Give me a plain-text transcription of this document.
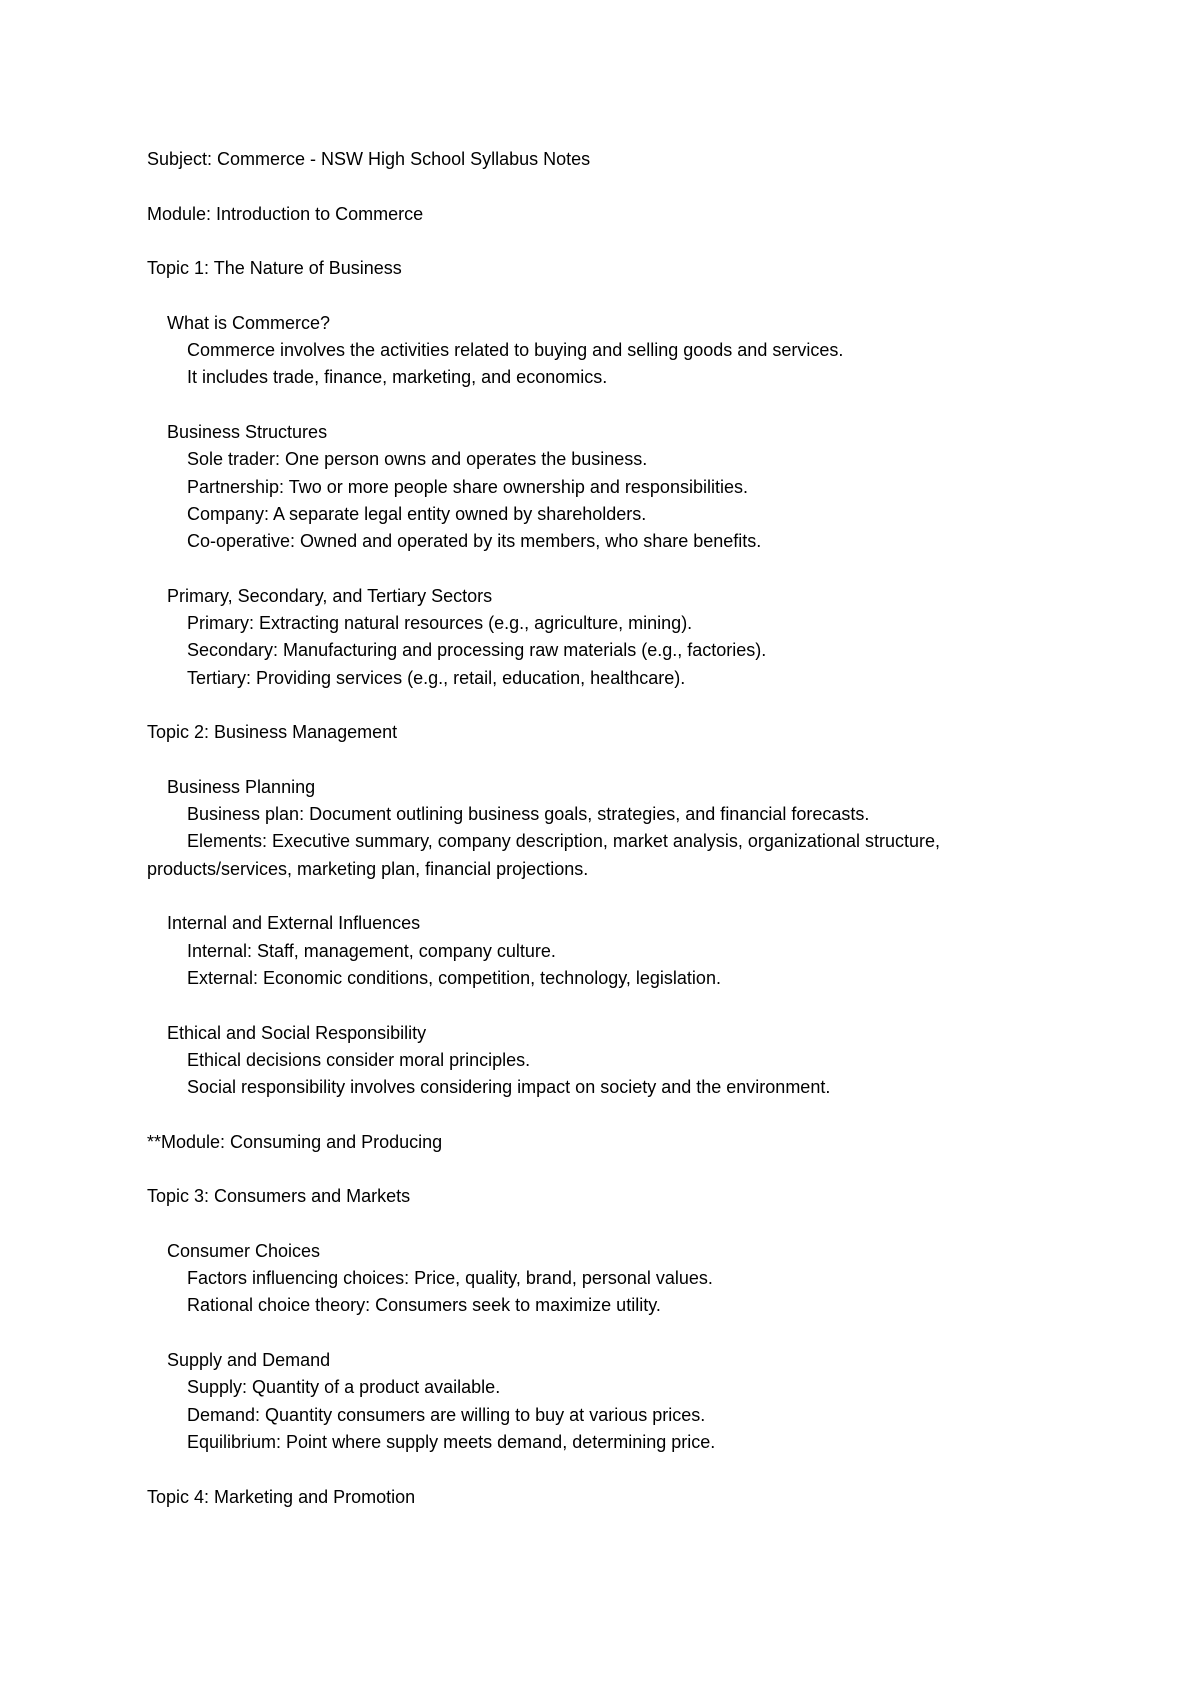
Subject: Commerce - NSW High School Syllabus Notes
Module: Introduction to Commerce
Topic 1: The Nature of Business
What is Commerce?
Commerce involves the activities related to buying and selling goods and services.
It includes trade, finance, marketing, and economics.
Business Structures
Sole trader: One person owns and operates the business.
Partnership: Two or more people share ownership and responsibilities.
Company: A separate legal entity owned by shareholders.
Co-operative: Owned and operated by its members, who share benefits.
Primary, Secondary, and Tertiary Sectors
Primary: Extracting natural resources (e.g., agriculture, mining).
Secondary: Manufacturing and processing raw materials (e.g., factories).
Tertiary: Providing services (e.g., retail, education, healthcare).
Topic 2: Business Management
Business Planning
Business plan: Document outlining business goals, strategies, and financial forecasts.
Elements: Executive summary, company description, market analysis, organizational structure,
products/services, marketing plan, financial projections.
Internal and External Influences
Internal: Staff, management, company culture.
External: Economic conditions, competition, technology, legislation.
Ethical and Social Responsibility
Ethical decisions consider moral principles.
Social responsibility involves considering impact on society and the environment.
**Module: Consuming and Producing
Topic 3: Consumers and Markets
Consumer Choices
Factors influencing choices: Price, quality, brand, personal values.
Rational choice theory: Consumers seek to maximize utility.
Supply and Demand
Supply: Quantity of a product available.
Demand: Quantity consumers are willing to buy at various prices.
Equilibrium: Point where supply meets demand, determining price.
Topic 4: Marketing and Promotion
